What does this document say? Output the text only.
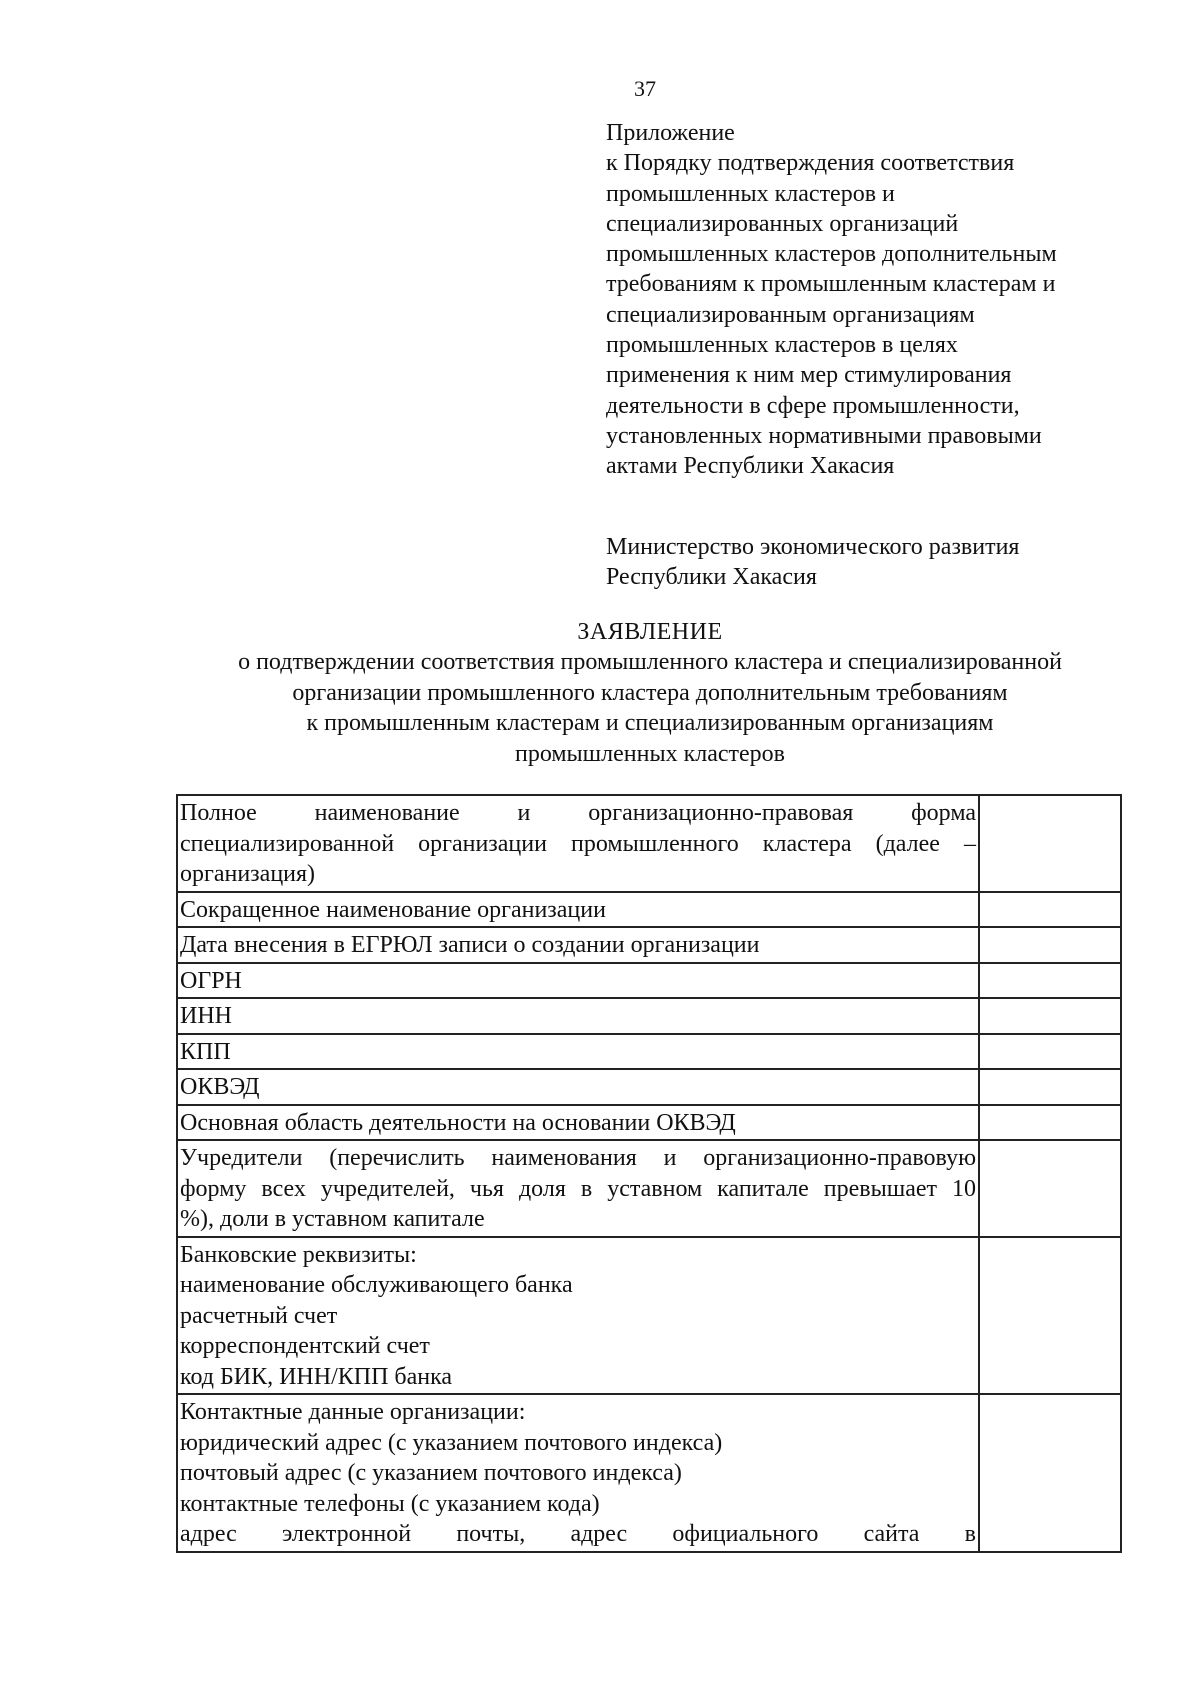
37
Приложение
к Порядку подтверждения соответствия
промышленных кластеров и
специализированных организаций
промышленных кластеров дополнительным
требованиям к промышленным кластерам и
специализированным организациям
промышленных кластеров в целях
применения к ним мер стимулирования
деятельности в сфере промышленности,
установленных нормативными правовыми
актами Республики Хакасия
Министерство экономического развития
Республики Хакасия
ЗАЯВЛЕНИЕ
о подтверждении соответствия промышленного кластера и специализированной
организации промышленного кластера дополнительным требованиям
к промышленным кластерам и специализированным организациям
промышленных кластеров
Полное наименование и организационно-правовая форма
специализированной организации промышленного кластера (далее –
организация)	

Сокращенное наименование организации	

Дата внесения в ЕГРЮЛ записи о создании организации	

ОГРН	

ИНН	

КПП	

ОКВЭД	

Основная область деятельности на основании ОКВЭД	

Учредители (перечислить наименования и организационно-правовую
форму всех учредителей, чья доля в уставном капитале превышает 10
%), доли в уставном капитале	

Банковские реквизиты:
наименование обслуживающего банка
расчетный счет
корреспондентский счет
код БИК, ИНН/КПП банка	

Контактные данные организации:
юридический адрес (с указанием почтового индекса)
почтовый адрес (с указанием почтового индекса)
контактные телефоны (с указанием кода)
адрес электронной почты, адрес официального сайта в	
